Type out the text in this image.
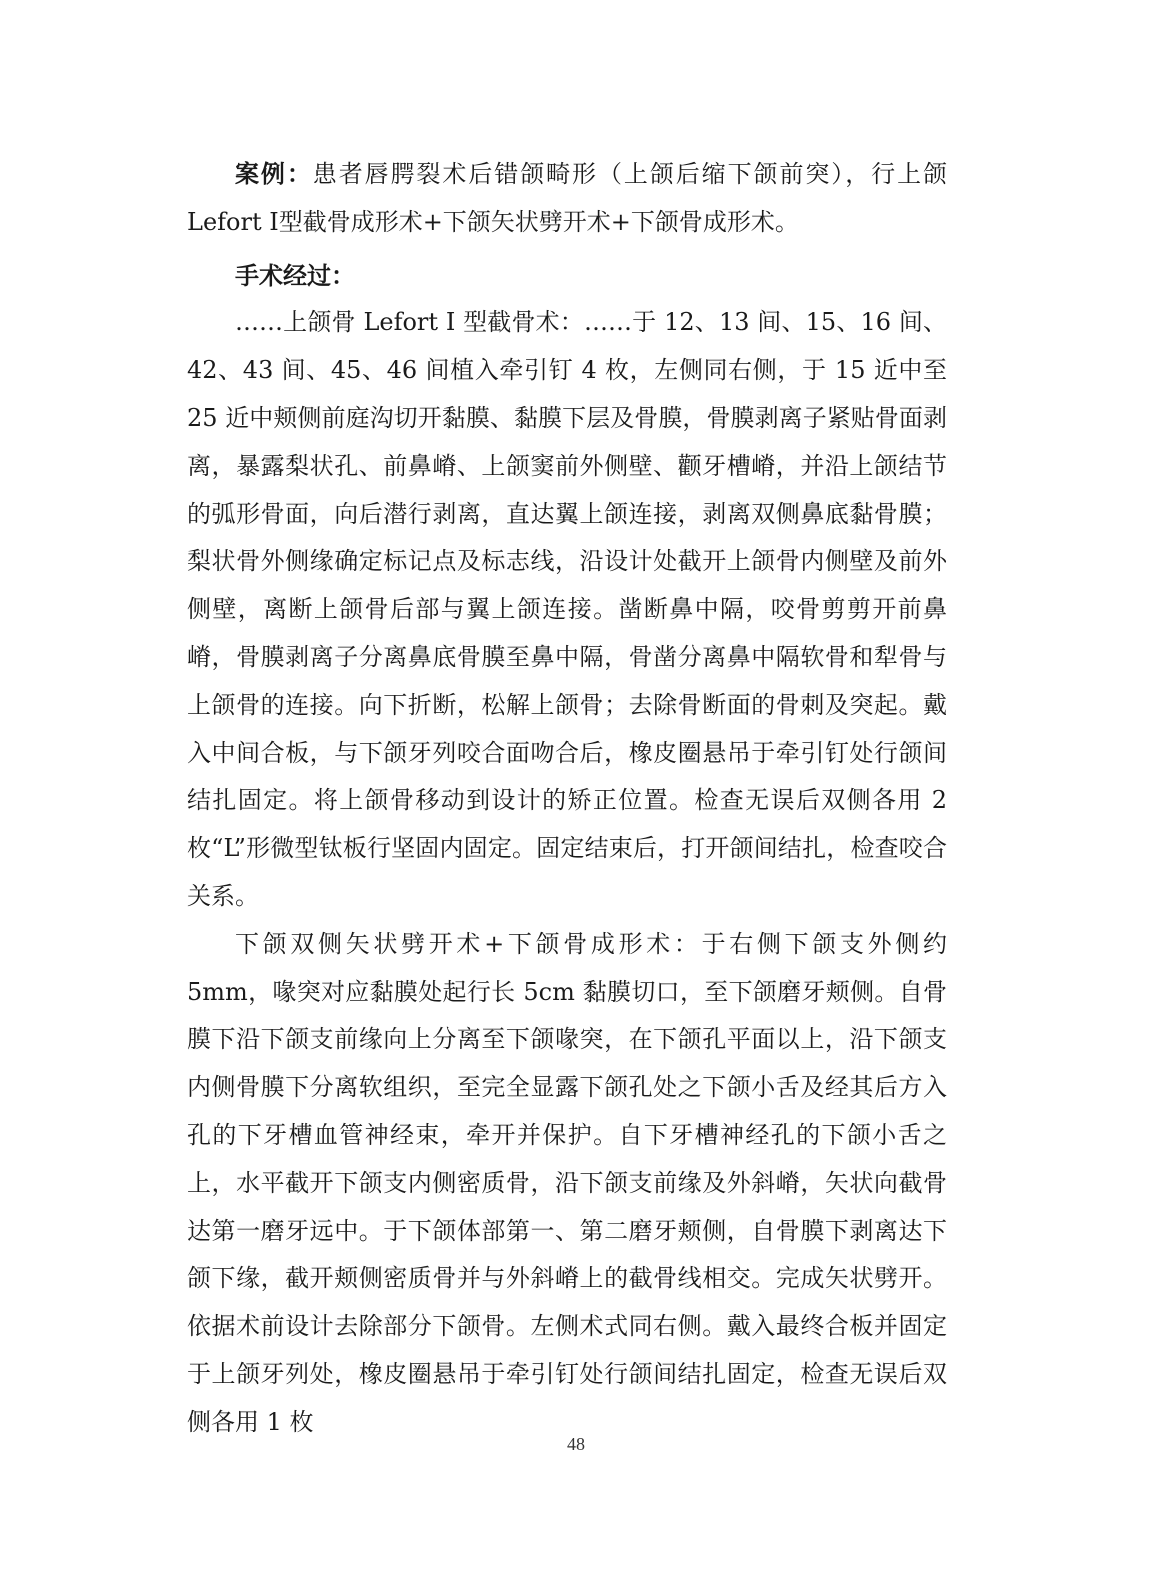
案例：患者唇腭裂术后错颌畸形（上颌后缩下颌前突），行上颌 Lefort I型截骨成形术+下颌矢状劈开术+下颌骨成形术。

手术经过：

……上颌骨 Lefort I 型截骨术：……于 12、13 间、15、16 间、42、43 间、45、46 间植入牵引钉 4 枚，左侧同右侧，于 15 近中至 25 近中颊侧前庭沟切开黏膜、黏膜下层及骨膜，骨膜剥离子紧贴骨面剥离，暴露梨状孔、前鼻嵴、上颌窦前外侧壁、颧牙槽嵴，并沿上颌结节的弧形骨面，向后潜行剥离，直达翼上颌连接，剥离双侧鼻底黏骨膜；梨状骨外侧缘确定标记点及标志线，沿设计处截开上颌骨内侧壁及前外侧壁，离断上颌骨后部与翼上颌连接。凿断鼻中隔，咬骨剪剪开前鼻嵴，骨膜剥离子分离鼻底骨膜至鼻中隔，骨凿分离鼻中隔软骨和犁骨与上颌骨的连接。向下折断，松解上颌骨；去除骨断面的骨刺及突起。戴入中间合板，与下颌牙列咬合面吻合后，橡皮圈悬吊于牵引钉处行颌间结扎固定。将上颌骨移动到设计的矫正位置。检查无误后双侧各用 2 枚“L”形微型钛板行坚固内固定。固定结束后，打开颌间结扎，检查咬合关系。

下颌双侧矢状劈开术+下颌骨成形术：于右侧下颌支外侧约 5mm，喙突对应黏膜处起行长 5cm 黏膜切口，至下颌磨牙颊侧。自骨膜下沿下颌支前缘向上分离至下颌喙突，在下颌孔平面以上，沿下颌支内侧骨膜下分离软组织，至完全显露下颌孔处之下颌小舌及经其后方入孔的下牙槽血管神经束，牵开并保护。自下牙槽神经孔的下颌小舌之上，水平截开下颌支内侧密质骨，沿下颌支前缘及外斜嵴，矢状向截骨达第一磨牙远中。于下颌体部第一、第二磨牙颊侧，自骨膜下剥离达下颌下缘，截开颊侧密质骨并与外斜嵴上的截骨线相交。完成矢状劈开。依据术前设计去除部分下颌骨。左侧术式同右侧。戴入最终合板并固定于上颌牙列处，橡皮圈悬吊于牵引钉处行颌间结扎固定，检查无误后双侧各用 1 枚

48
